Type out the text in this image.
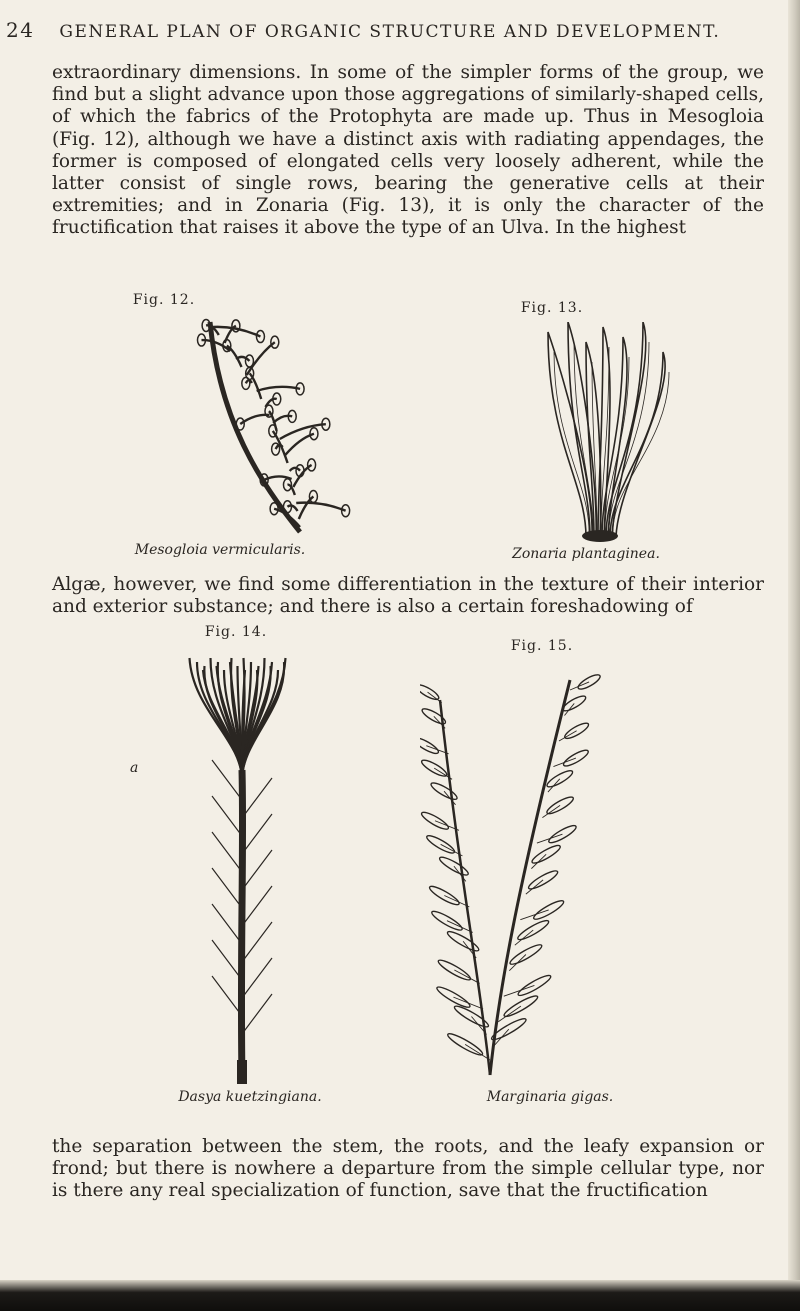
24 GENERAL PLAN OF ORGANIC STRUCTURE AND DEVELOPMENT.
extraordinary dimensions. In some of the simpler forms of the group, we find but a slight advance upon those aggregations of similarly-shaped cells, of which the fabrics of the Protophyta are made up. Thus in Mesogloia (Fig. 12), although we have a distinct axis with radiating appendages, the former is composed of elongated cells very loosely adherent, while the latter consist of single rows, bearing the generative cells at their extremities; and in Zonaria (Fig. 13), it is only the character of the fructification that raises it above the type of an Ulva. In the highest
Fig. 12.
Mesogloia vermicularis.
Fig. 13.
Zonaria plantaginea.
Algæ, however, we find some differentiation in the texture of their interior and exterior substance; and there is also a certain foreshadowing of
Fig. 14.
a
Dasya kuetzingiana.
Fig. 15.
Marginaria gigas.
the separation between the stem, the roots, and the leafy expansion or frond; but there is nowhere a departure from the simple cellular type, nor is there any real specialization of function, save that the fructification
